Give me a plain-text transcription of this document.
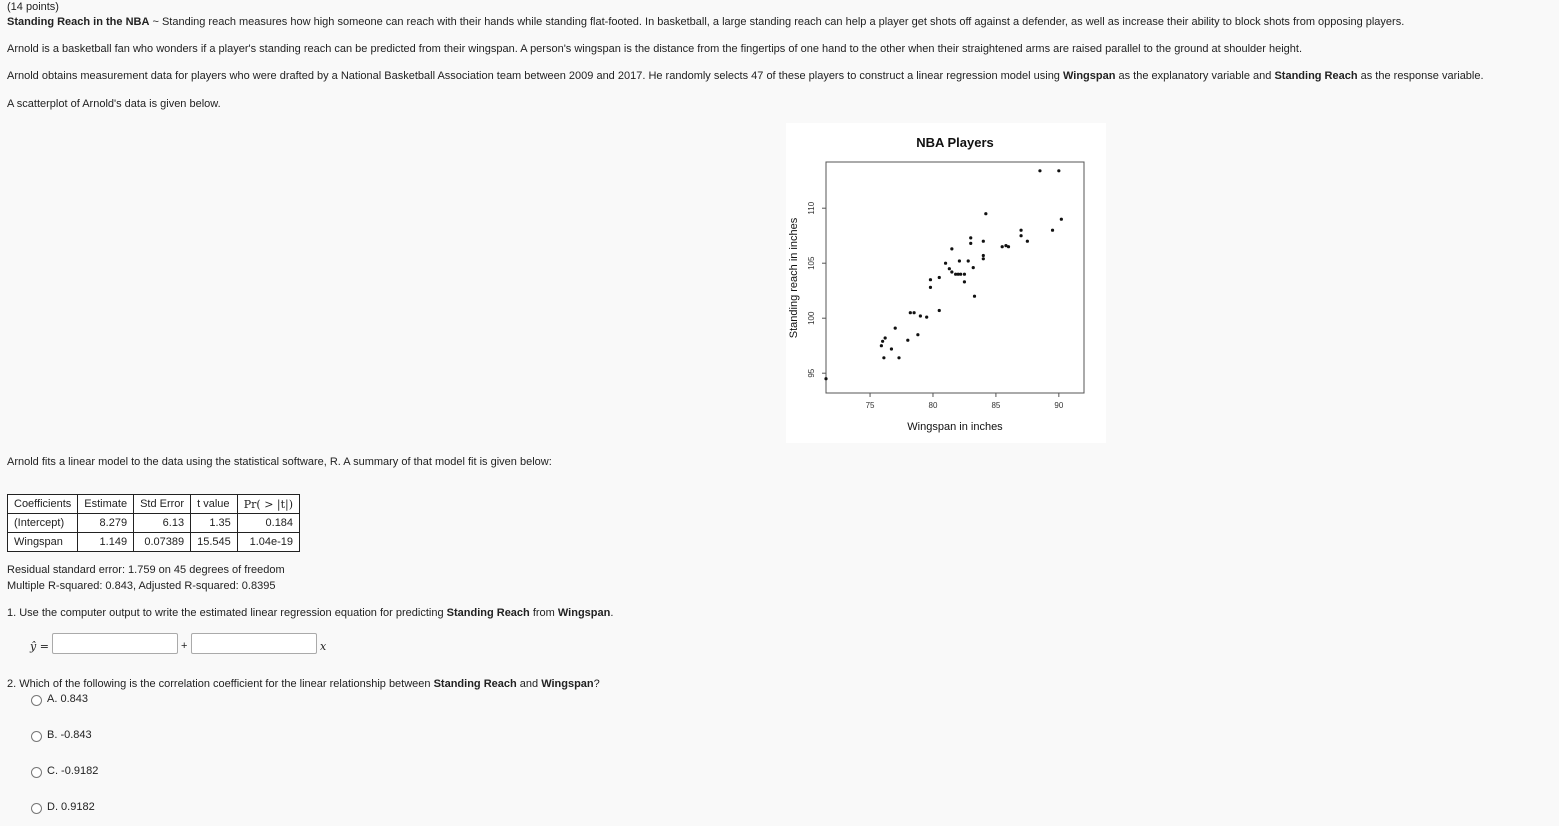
(14 points)
Standing Reach in the NBA ~ Standing reach measures how high someone can reach with their hands while standing flat-footed. In basketball, a large standing reach can help a player get shots off against a defender, as well as increase their ability to block shots from opposing players.
Arnold is a basketball fan who wonders if a player's standing reach can be predicted from their wingspan. A person's wingspan is the distance from the fingertips of one hand to the other when their straightened arms are raised parallel to the ground at shoulder height.
Arnold obtains measurement data for players who were drafted by a National Basketball Association team between 2009 and 2017. He randomly selects 47 of these players to construct a linear regression model using Wingspan as the explanatory variable and Standing Reach as the response variable.
A scatterplot of Arnold's data is given below.
NBA Players
Wingspan in inches
Standing reach in inches
75	80	85	90
95
100
105
110
Arnold fits a linear model to the data using the statistical software, R. A summary of that model fit is given below:
Coefficients	Estimate	Std Error	t value	Pr( > |t|)
(Intercept)	8.279	6.13	1.35	0.184
Wingspan	1.149	0.07389	15.545	1.04e-19
Residual standard error: 1.759 on 45 degrees of freedom
Multiple R-squared: 0.843, Adjusted R-squared: 0.8395
1. Use the computer output to write the estimated linear regression equation for predicting Standing Reach from Wingspan.
ŷ =	+	x
2. Which of the following is the correlation coefficient for the linear relationship between Standing Reach and Wingspan?
A. 0.843
B. -0.843
C. -0.9182
D. 0.9182
